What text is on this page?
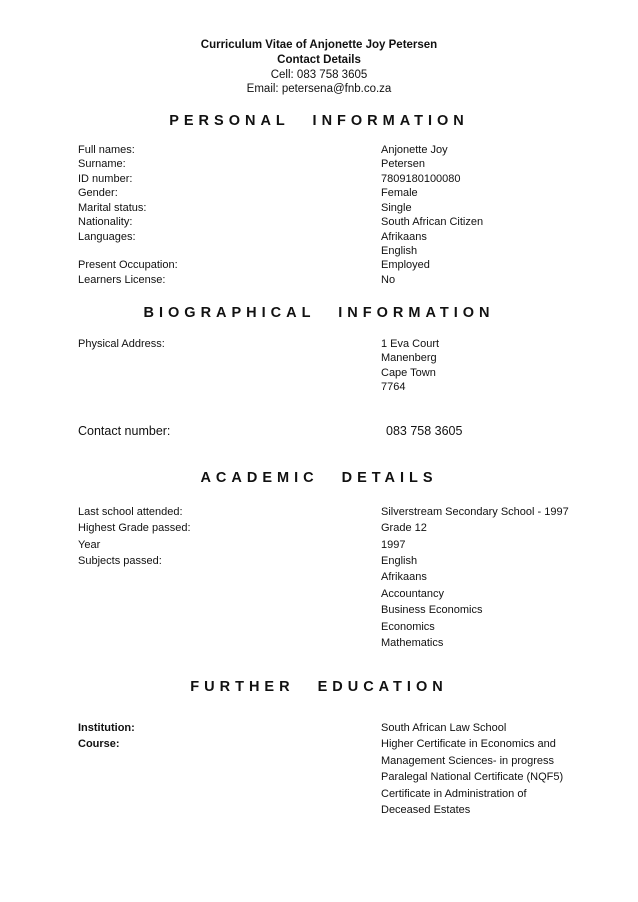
Curriculum Vitae of Anjonette Joy Petersen
Contact Details
Cell: 083 758 3605
Email: petersena@fnb.co.za
PERSONAL INFORMATION
Full names:	Anjonette Joy
Surname:	Petersen
ID number:	7809180100080
Gender:	Female
Marital status:	Single
Nationality:	South African Citizen
Languages:	Afrikaans
English
Present Occupation:	Employed
Learners License:	No
BIOGRAPHICAL INFORMATION
Physical Address:	1 Eva Court
Manenberg
Cape Town
7764
Contact number:	083 758 3605
ACADEMIC DETAILS
Last school attended:	Silverstream Secondary School - 1997
Highest Grade passed:	Grade 12
Year	1997
Subjects passed:	English
Afrikaans
Accountancy
Business Economics
Economics
Mathematics
FURTHER EDUCATION
Institution:	South African Law School
Course:	Higher Certificate in Economics and
Management Sciences- in progress
Paralegal National Certificate (NQF5)
Certificate in Administration of
Deceased Estates
